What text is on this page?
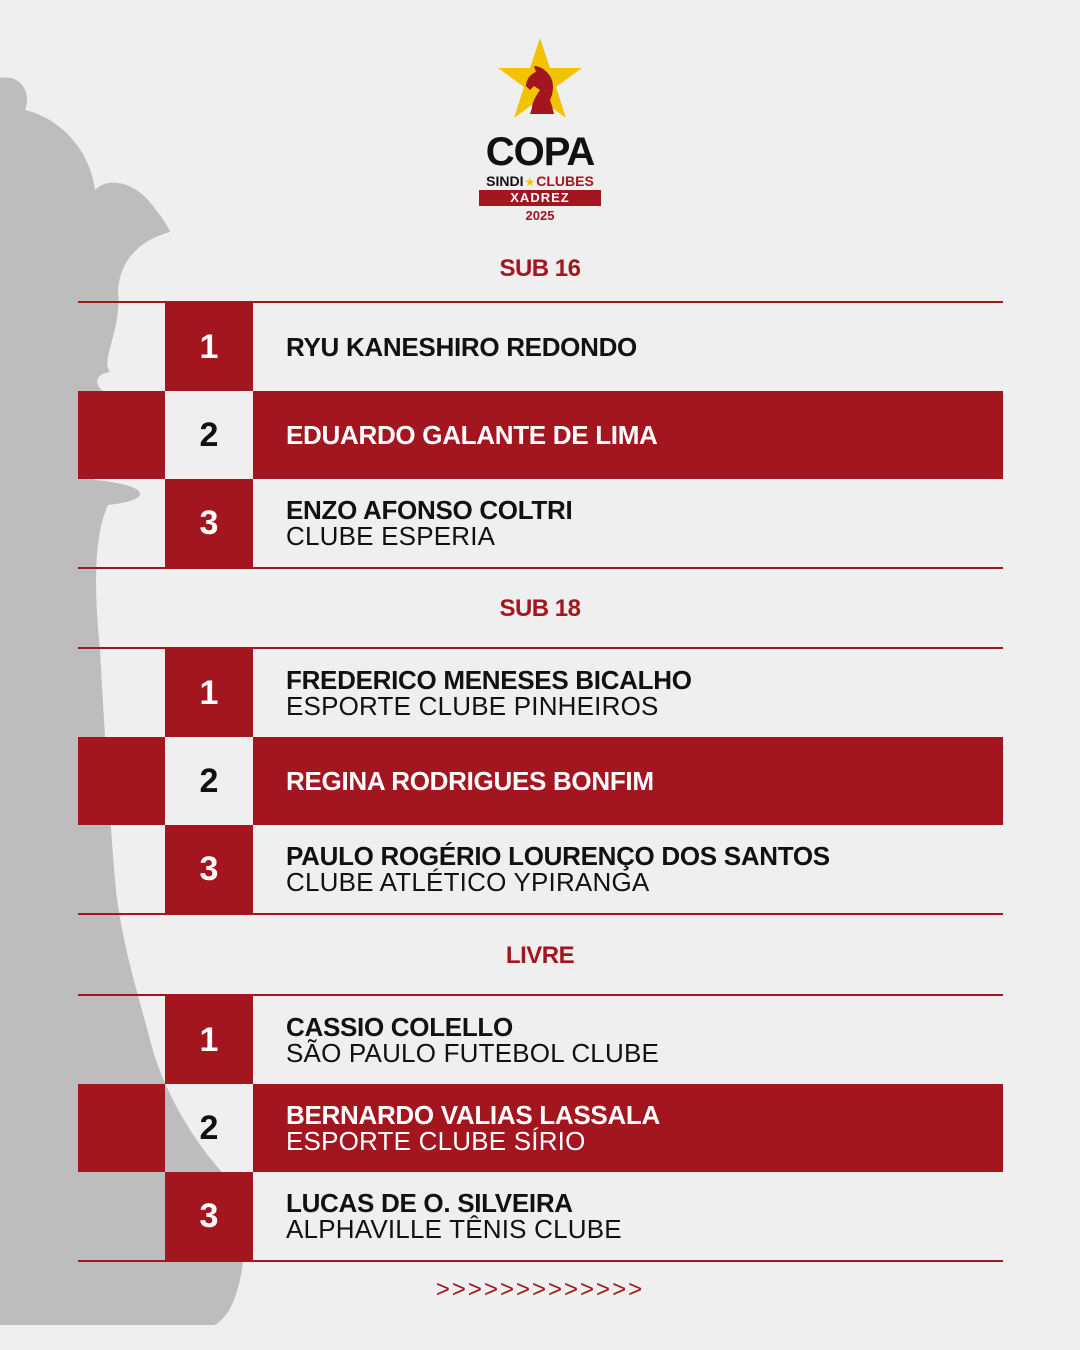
COPA
SINDI★CLUBES
XADREZ
2025
SUB 16
1	RYU KANESHIRO REDONDO
2	EDUARDO GALANTE DE LIMA
3	ENZO AFONSO COLTRI
CLUBE ESPERIA
SUB 18
1	FREDERICO MENESES BICALHO
ESPORTE CLUBE PINHEIROS
2	REGINA RODRIGUES BONFIM
3	PAULO ROGÉRIO LOURENÇO DOS SANTOS
CLUBE ATLÉTICO YPIRANGA
LIVRE
1	CASSIO COLELLO
SÃO PAULO FUTEBOL CLUBE
2	BERNARDO VALIAS LASSALA
ESPORTE CLUBE SÍRIO
3	LUCAS DE O. SILVEIRA
ALPHAVILLE TÊNIS CLUBE
>>>>>>>>>>>>>
